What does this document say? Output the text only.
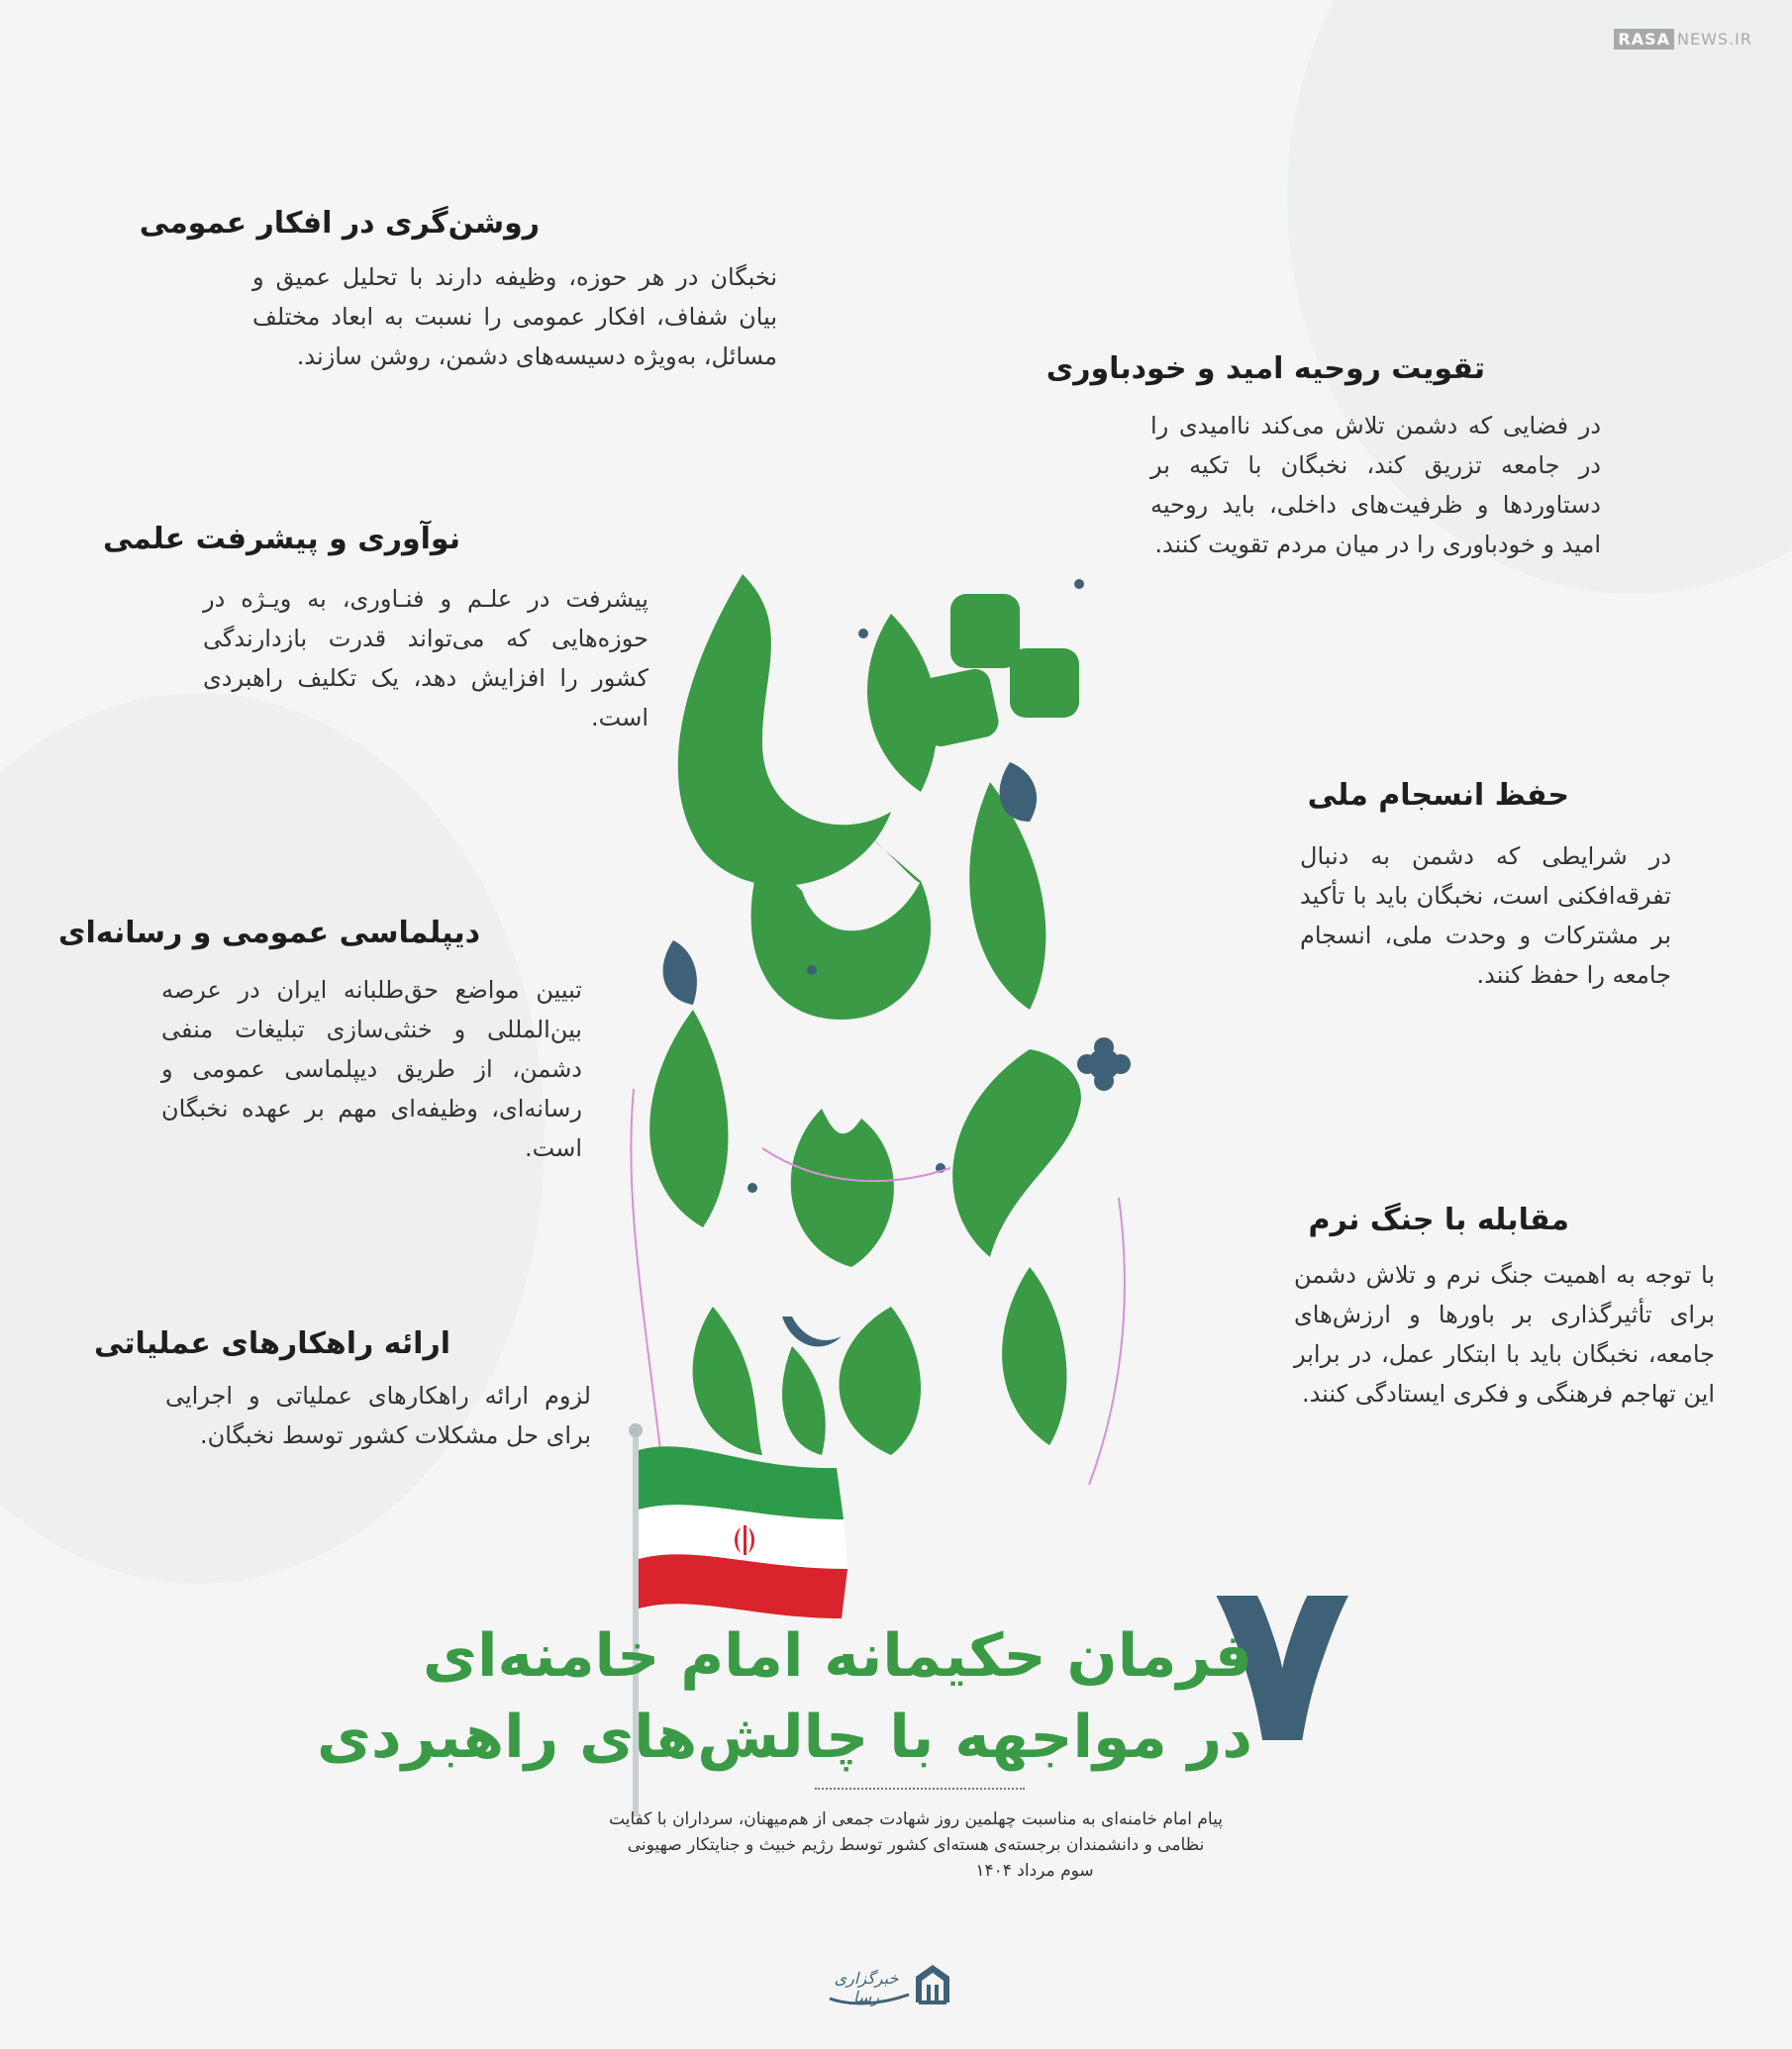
RASA NEWS.IR
روشن‌گری در افکار عمومی
نخبگان در هر حوزه، وظیفه دارند با تحلیل عمیق و بیان شفاف، افکار عمومی را نسبت به ابعاد مختلف مسائل، به‌ویژه دسیسه‌های دشمن، روشن سازند.	تقویت روحیه امید و خودباوری
در فضایی که دشمن تلاش می‌کند ناامیدی را در جامعه تزریق کند، نخبگان با تکیه بر دستاوردها و ظرفیت‌های داخلی، باید روحیه امید و خودباوری را در میان مردم تقویت کنند.
نوآوری و پیشرفت علمی
پیشرفت در علـم و فنـاوری، به ویـژه در حوزه‌هایی که می‌تواند قدرت بازدارندگی کشور را افزایش دهد، یک تکلیف راهبردی است.
حفظ انسجام ملی
در شرایطی که دشمن به دنبال تفرقه‌افکنی است، نخبگان باید با تأکید بر مشترکات و وحدت ملی، انسجام جامعه را حفظ کنند.
دیپلماسی عمومی و رسانه‌ای
تبیین مواضع حق‌طلبانه ایران در عرصه بین‌المللی و خنثی‌سازی تبلیغات منفی دشمن، از طریق دیپلماسی عمومی و رسانه‌ای، وظیفه‌ای مهم بر عهده نخبگان است.
مقابله با جنگ نرم
با توجه به اهمیت جنگ نرم و تلاش دشمن برای تأثیرگذاری بر باورها و ارزش‌های جامعه، نخبگان باید با ابتکار عمل، در برابر این تهاجم فرهنگی و فکری ایستادگی کنند.
ارائه راهکارهای عملیاتی
لزوم ارائه راهکارهای عملیاتی و اجرایی برای حل مشکلات کشور توسط نخبگان.
۷
فرمان حکیمانه امام خامنه‌ای
در مواجهه با چالش‌های راهبردی
پیام امام خامنه‌ای به مناسبت چهلمین روز شهادت جمعی از هم‌میهنان، سرداران با کفایت
نظامی و دانشمندان برجسته‌ی هسته‌ای کشور توسط رژیم خبیث و جنایتکار صهیونی
سوم مرداد ۱۴۰۴
خبرگزاری رسا
